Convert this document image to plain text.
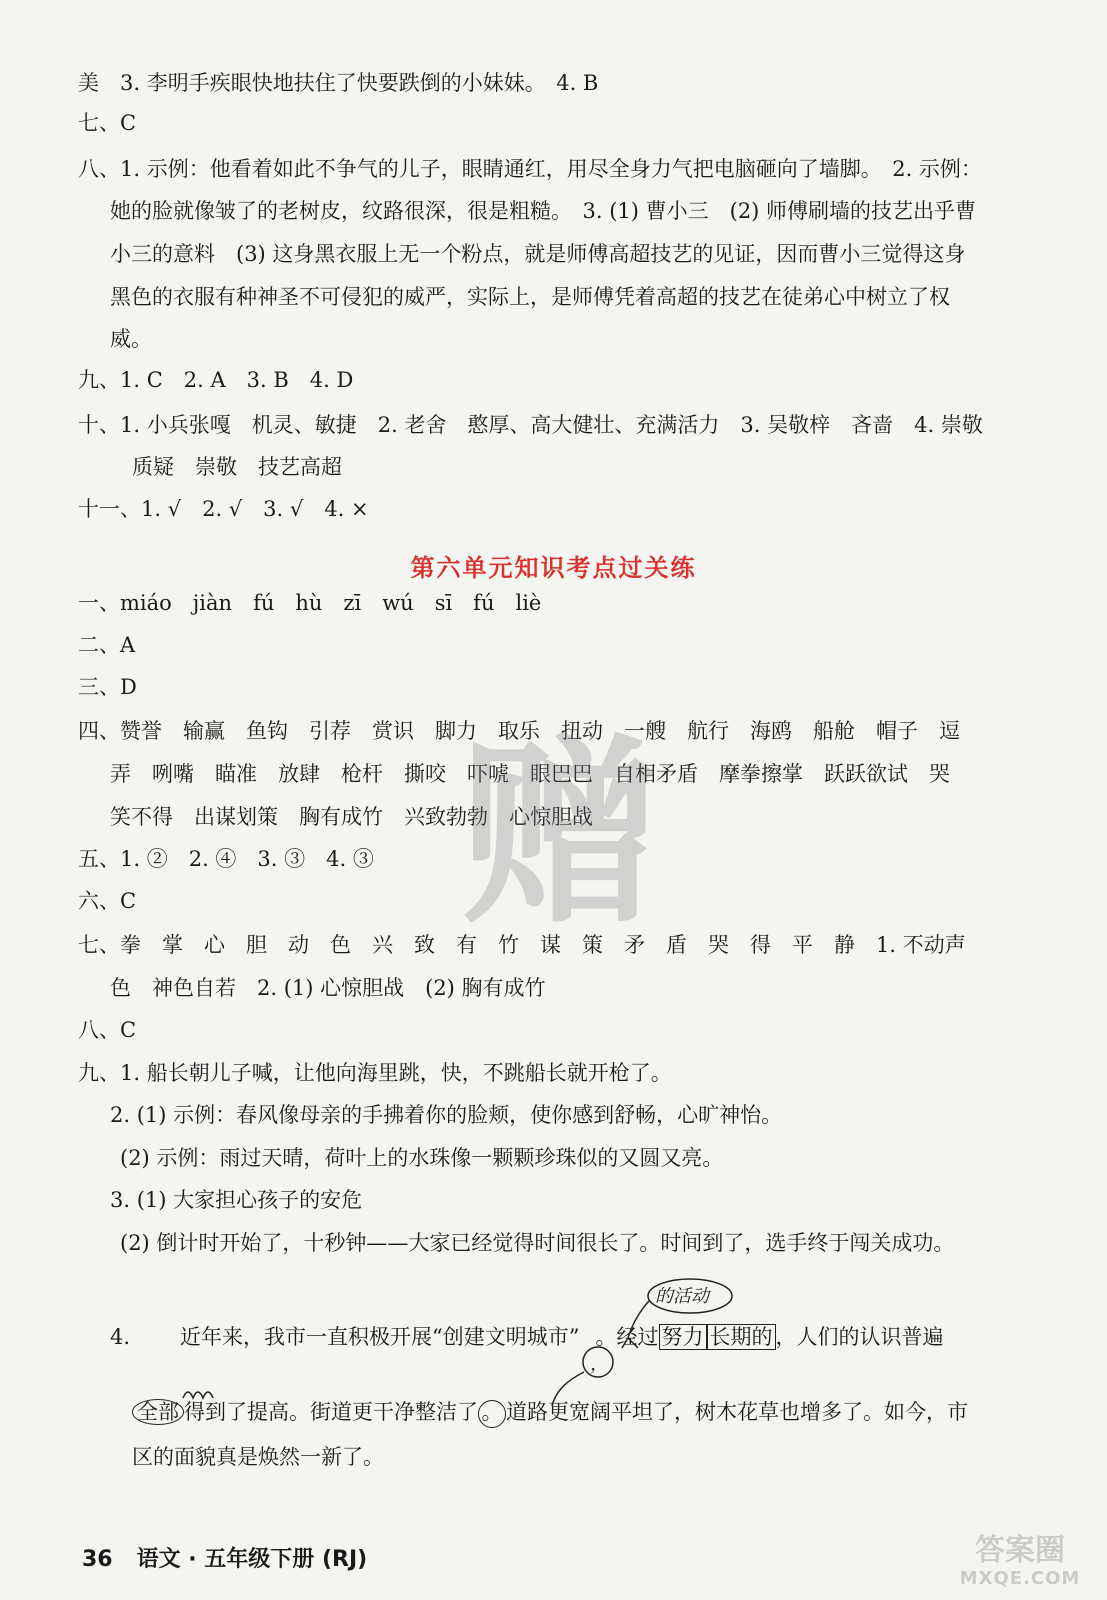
美　3. 李明手疾眼快地扶住了快要跌倒的小妹妹。　4. B
七、C
八、1. 示例：他看着如此不争气的儿子，眼睛通红，用尽全身力气把电脑砸向了墙脚。　2. 示例：
她的脸就像皱了的老树皮，纹路很深，很是粗糙。　3. (1) 曹小三　(2) 师傅刷墙的技艺出乎曹
小三的意料　(3) 这身黑衣服上无一个粉点，就是师傅高超技艺的见证，因而曹小三觉得这身
黑色的衣服有种神圣不可侵犯的威严，实际上，是师傅凭着高超的技艺在徒弟心中树立了权
威。
九、1. C　2. A　3. B　4. D
十、1. 小兵张嘎　机灵、敏捷　2. 老舍　憨厚、高大健壮、充满活力　3. 吴敬梓　吝啬　4. 崇敬
质疑　崇敬　技艺高超
十一、1. √　2. √　3. √　4. ×
第六单元知识考点过关练
一、miáo　jiàn　fú　hù　zī　wú　sī　fú　liè
二、A
三、D
四、赞誉　输赢　鱼钩　引荐　赏识　脚力　取乐　扭动　一艘　航行　海鸥　船舱　帽子　逗
弄　咧嘴　瞄准　放肆　枪杆　撕咬　吓唬　眼巴巴　自相矛盾　摩拳擦掌　跃跃欲试　哭
笑不得　出谋划策　胸有成竹　兴致勃勃　心惊胆战
五、1. ②　2. ④　3. ③　4. ③
六、C
七、拳　掌　心　胆　动　色　兴　致　有　竹　谋　策　矛　盾　哭　得　平　静　1. 不动声
色　神色自若　2. (1) 心惊胆战　(2) 胸有成竹
八、C
九、1. 船长朝儿子喊，让他向海里跳，快，不跳船长就开枪了。
2. (1) 示例：春风像母亲的手拂着你的脸颊，使你感到舒畅，心旷神怡。
(2) 示例：雨过天晴，荷叶上的水珠像一颗颗珍珠似的又圆又亮。
3. (1) 大家担心孩子的安危
(2) 倒计时开始了，十秒钟——大家已经觉得时间很长了。时间到了，选手终于闯关成功。
的活动
，
4. 近年来，我市一直积极开展“创建文明城市” 。经过 努力 长期的 ，人们的认识普遍
全部 得到了提高。街道更干净整洁了 。 道路更宽阔平坦了，树木花草也增多了。如今，市
区的面貌真是焕然一新了。
赠
36 语文 · 五年级下册 (RJ)	答案圈
MXQE.COM
